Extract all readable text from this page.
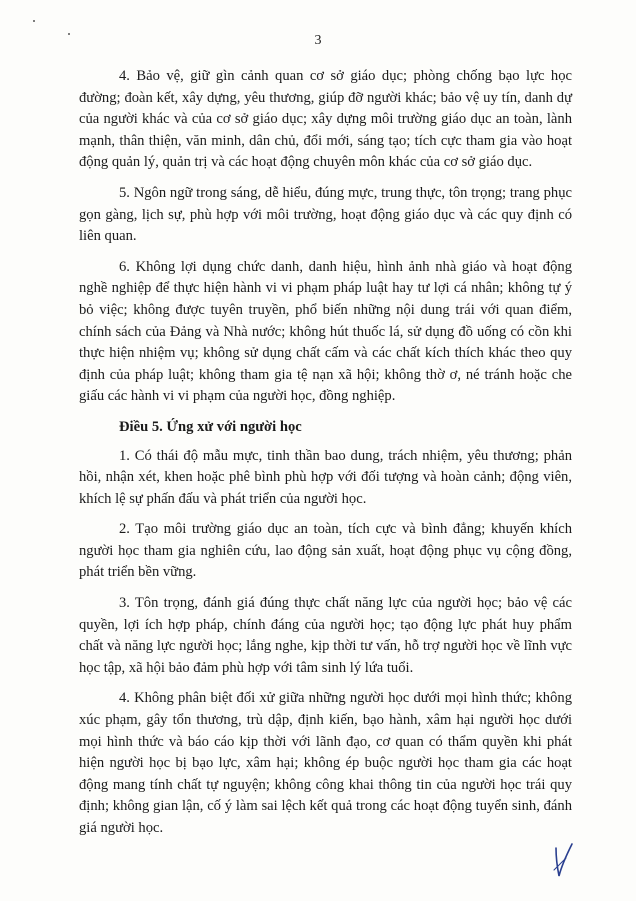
3

4. Bảo vệ, giữ gìn cảnh quan cơ sở giáo dục; phòng chống bạo lực học đường; đoàn kết, xây dựng, yêu thương, giúp đỡ người khác; bảo vệ uy tín, danh dự của người khác và của cơ sở giáo dục; xây dựng môi trường giáo dục an toàn, lành mạnh, thân thiện, văn minh, dân chủ, đổi mới, sáng tạo; tích cực tham gia vào hoạt động quản lý, quản trị và các hoạt động chuyên môn khác của cơ sở giáo dục.

5. Ngôn ngữ trong sáng, dễ hiểu, đúng mực, trung thực, tôn trọng; trang phục gọn gàng, lịch sự, phù hợp với môi trường, hoạt động giáo dục và các quy định có liên quan.

6. Không lợi dụng chức danh, danh hiệu, hình ảnh nhà giáo và hoạt động nghề nghiệp để thực hiện hành vi vi phạm pháp luật hay tư lợi cá nhân; không tự ý bỏ việc; không được tuyên truyền, phổ biến những nội dung trái với quan điểm, chính sách của Đảng và Nhà nước; không hút thuốc lá, sử dụng đồ uống có cồn khi thực hiện nhiệm vụ; không sử dụng chất cấm và các chất kích thích khác theo quy định của pháp luật; không tham gia tệ nạn xã hội; không thờ ơ, né tránh hoặc che giấu các hành vi vi phạm của người học, đồng nghiệp.

Điều 5. Ứng xử với người học

1. Có thái độ mẫu mực, tinh thần bao dung, trách nhiệm, yêu thương; phản hồi, nhận xét, khen hoặc phê bình phù hợp với đối tượng và hoàn cảnh; động viên, khích lệ sự phấn đấu và phát triển của người học.

2. Tạo môi trường giáo dục an toàn, tích cực và bình đẳng; khuyến khích người học tham gia nghiên cứu, lao động sản xuất, hoạt động phục vụ cộng đồng, phát triển bền vững.

3. Tôn trọng, đánh giá đúng thực chất năng lực của người học; bảo vệ các quyền, lợi ích hợp pháp, chính đáng của người học; tạo động lực phát huy phẩm chất và năng lực người học; lắng nghe, kịp thời tư vấn, hỗ trợ người học về lĩnh vực học tập, xã hội bảo đảm phù hợp với tâm sinh lý lứa tuổi.

4. Không phân biệt đối xử giữa những người học dưới mọi hình thức; không xúc phạm, gây tổn thương, trù dập, định kiến, bạo hành, xâm hại người học dưới mọi hình thức và báo cáo kịp thời với lãnh đạo, cơ quan có thẩm quyền khi phát hiện người học bị bạo lực, xâm hại; không ép buộc người học tham gia các hoạt động mang tính chất tự nguyện; không công khai thông tin của người học trái quy định; không gian lận, cố ý làm sai lệch kết quả trong các hoạt động tuyển sinh, đánh giá người học.
